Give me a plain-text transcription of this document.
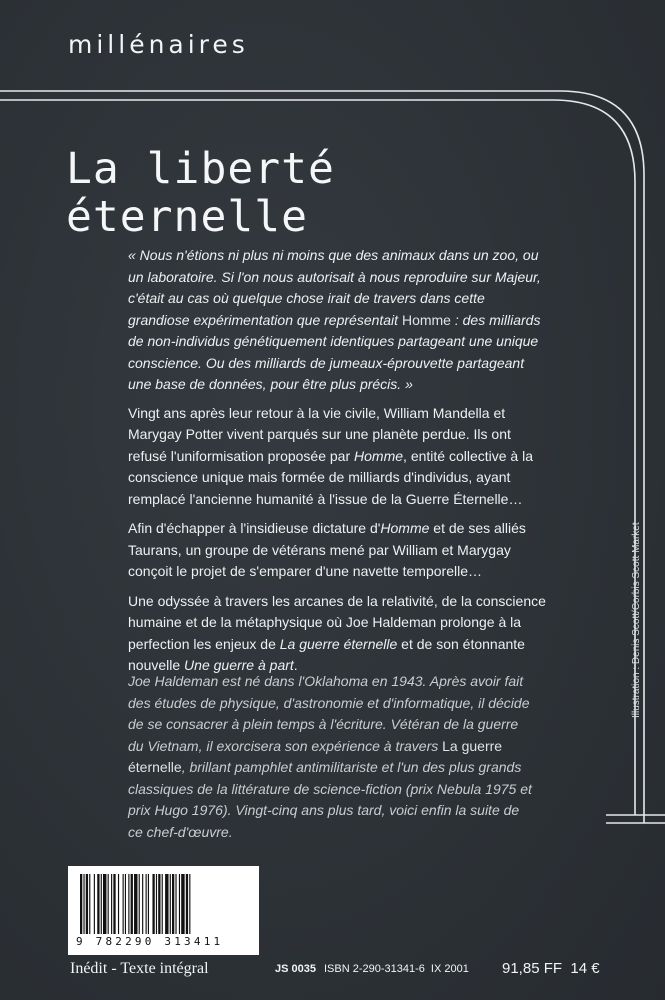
millénaires
La liberté
éternelle

« Nous n'étions ni plus ni moins que des animaux dans un zoo, ou un laboratoire. Si l'on nous autorisait à nous reproduire sur Majeur, c'était au cas où quelque chose irait de travers dans cette grandiose expérimentation que représentait Homme : des milliards de non-individus génétiquement identiques partageant une unique conscience. Ou des milliards de jumeaux-éprouvette partageant une base de données, pour être plus précis. »

Vingt ans après leur retour à la vie civile, William Mandella et Marygay Potter vivent parqués sur une planète perdue. Ils ont refusé l'uniformisation proposée par Homme, entité collective à la conscience unique mais formée de milliards d'individus, ayant remplacé l'ancienne humanité à l'issue de la Guerre Éternelle…

Afin d'échapper à l'insidieuse dictature d'Homme et de ses alliés Taurans, un groupe de vétérans mené par William et Marygay conçoit le projet de s'emparer d'une navette temporelle…

Une odyssée à travers les arcanes de la relativité, de la conscience humaine et de la métaphysique où Joe Haldeman prolonge à la perfection les enjeux de La guerre éternelle et de son étonnante nouvelle Une guerre à part.

Joe Haldeman est né dans l'Oklahoma en 1943. Après avoir fait des études de physique, d'astronomie et d'informatique, il décide de se consacrer à plein temps à l'écriture. Vétéran de la guerre du Vietnam, il exorcisera son expérience à travers La guerre éternelle, brillant pamphlet antimilitariste et l'un des plus grands classiques de la littérature de science-fiction (prix Nebula 1975 et prix Hugo 1976). Vingt-cinq ans plus tard, voici enfin la suite de ce chef-d'œuvre.
Illustration : Denis Scott/Corbis Scott Market
9 782290 313411
Inédit - Texte intégral	JS 0035 ISBN 2-290-31341-6 IX 2001 91,85 FF 14 €
